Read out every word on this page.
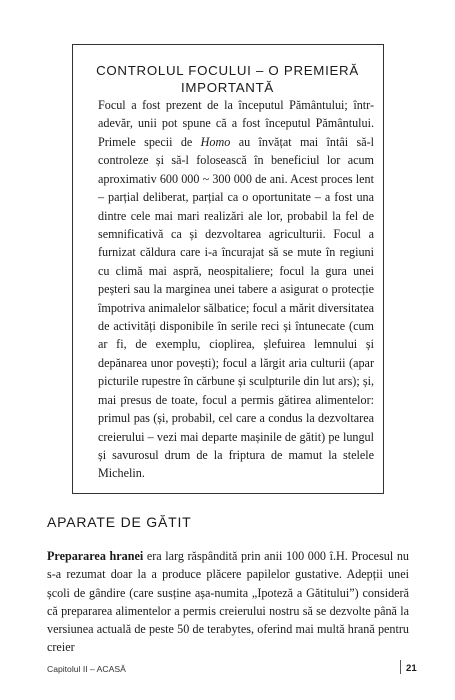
CONTROLUL FOCULUI – O PREMIERĂ
IMPORTANTĂ

Focul a fost prezent de la începutul Pământului; într-adevăr, unii pot spune că a fost începutul Pământului. Primele specii de Homo au învățat mai întâi să-l controleze și să-l folosească în beneficiul lor acum aproximativ 600 000 ~ 300 000 de ani. Acest proces lent – parțial deliberat, parțial ca o oportunitate – a fost una dintre cele mai mari realizări ale lor, probabil la fel de semnificativă ca și dezvoltarea agriculturii. Focul a furnizat căldura care i-a încurajat să se mute în regiuni cu climă mai aspră, neospitaliere; focul la gura unei peșteri sau la marginea unei tabere a asigurat o protecție împotriva animalelor sălbatice; focul a mărit diversitatea de activități disponibile în serile reci și întunecate (cum ar fi, de exemplu, cioplirea, șlefuirea lemnului și depănarea unor povești); focul a lărgit aria culturii (apar picturile rupestre în cărbune și sculpturile din lut ars); și, mai presus de toate, focul a permis gătirea alimentelor: primul pas (și, probabil, cel care a condus la dezvoltarea creierului – vezi mai departe mașinile de gătit) pe lungul și savurosul drum de la friptura de mamut la stelele Michelin.

APARATE DE GĂTIT

Prepararea hranei era larg răspândită prin anii 100 000 î.H. Procesul nu s-a rezumat doar la a produce plăcere papilelor gustative. Adepții unei școli de gândire (care susține așa-numita „Ipoteză a Gătitului”) consideră că prepararea alimentelor a permis creierului nostru să se dezvolte până la versiunea actuală de peste 50 de terabytes, oferind mai multă hrană pentru creier

Capitolul II – ACASĂ	21
